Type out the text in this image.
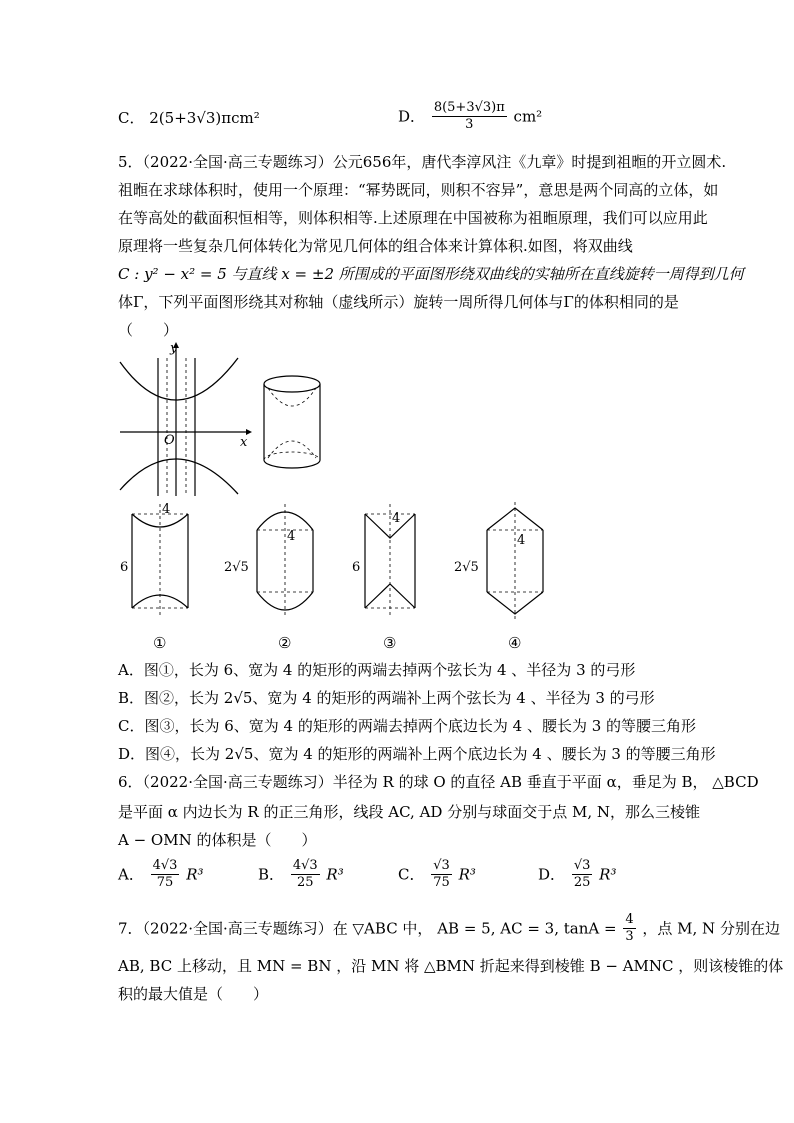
C． 2(5+3√3)πcm²	D． $\frac{8(5+3√3)\pi}{3} cm^2$
5．（2022·全国·高三专题练习）公元656年，唐代李淳风注《九章》时提到祖暅的开立圆术.
祖暅在求球体积时，使用一个原理：“幂势既同，则积不容异”，意思是两个同高的立体，如
在等高处的截面积恒相等，则体积相等.上述原理在中国被称为祖暅原理，我们可以应用此
原理将一些复杂几何体转化为常见几何体的组合体来计算体积.如图，将双曲线
C : y² − x² = 5 与直线 x = ±2 所围成的平面图形绕双曲线的实轴所在直线旋转一周得到几何
体Γ，下列平面图形绕其对称轴（虚线所示）旋转一周所得几何体与Γ的体积相同的是
（　　）
y
x
O
4
6
①
4
2√5
②
4
6
③
4
2√5
④
A．图①，长为 6、宽为 4 的矩形的两端去掉两个弦长为 4 、半径为 3 的弓形
B．图②，长为 2√5、宽为 4 的矩形的两端补上两个弦长为 4 、半径为 3 的弓形
C．图③，长为 6、宽为 4 的矩形的两端去掉两个底边长为 4 、腰长为 3 的等腰三角形
D．图④，长为 2√5、宽为 4 的矩形的两端补上两个底边长为 4 、腰长为 3 的等腰三角形
6．（2022·全国·高三专题练习）半径为 R 的球 O 的直径 AB 垂直于平面 α，垂足为 B， △BCD
是平面 α 内边长为 R 的正三角形，线段 AC, AD 分别与球面交于点 M, N，那么三棱锥
A − OMN 的体积是（　　）
A． $\frac{4√3}{75} R^3$	B． $\frac{4√3}{25} R^3$	C． $\frac{√3}{75} R^3$	D． $\frac{√3}{25} R^3$
7．（2022·全国·高三专题练习）在 ▽ABC 中， AB = 5, AC = 3, $\tan A = \frac{4}{3}$ ，点 M, N 分别在边
AB, BC 上移动，且 MN = BN ，沿 MN 将 △BMN 折起来得到棱锥 B − AMNC ，则该棱锥的体
积的最大值是（　　）
